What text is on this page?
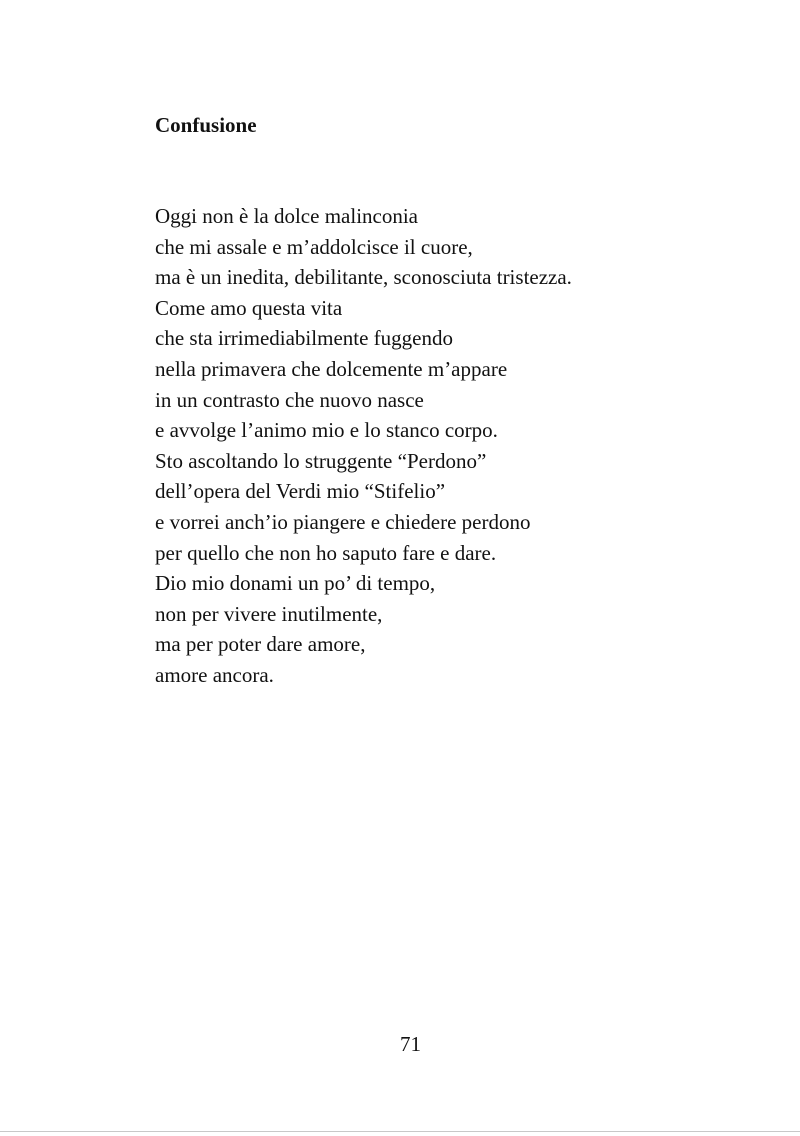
Confusione
Oggi non è la dolce malinconia
che mi assale e m’addolcisce il cuore,
ma è un inedita, debilitante, sconosciuta tristezza.
Come amo questa vita
che sta irrimediabilmente fuggendo
nella primavera che dolcemente m’appare
in un contrasto che nuovo nasce
e avvolge l’animo mio e lo stanco corpo.
Sto ascoltando lo struggente “Perdono”
dell’opera del Verdi mio “Stifelio”
e vorrei anch’io piangere e chiedere perdono
per quello che non ho saputo fare e dare.
Dio mio donami un po’ di tempo,
non per vivere inutilmente,
ma per poter dare amore,
amore ancora.
71
